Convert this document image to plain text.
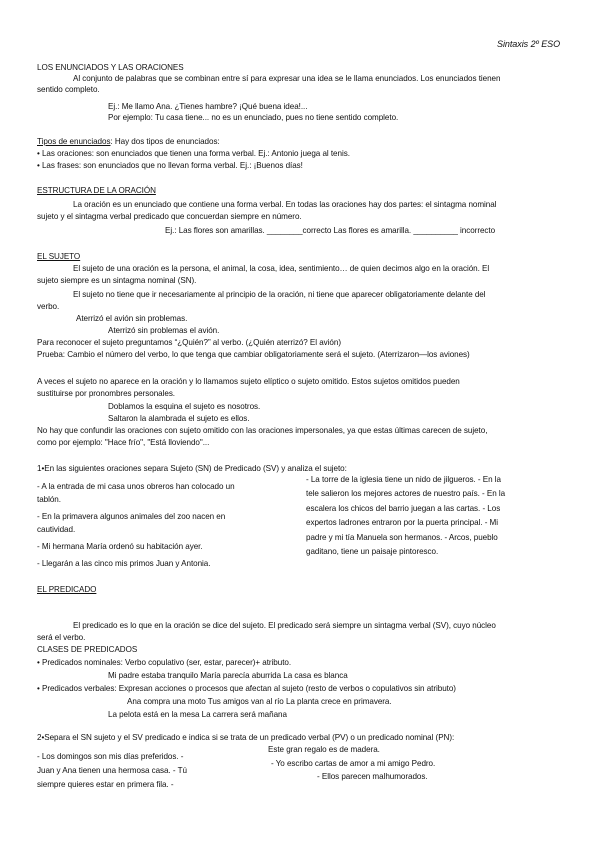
Sintaxis 2º ESO
LOS ENUNCIADOS Y LAS ORACIONES
Al conjunto de palabras que se combinan entre sí para expresar una idea se le llama enunciados. Los enunciados tienen
sentido completo.
Ej.: Me llamo Ana. ¿Tienes hambre? ¡Qué buena idea!...
Por ejemplo: Tu casa tiene... no es un enunciado, pues no tiene sentido completo.
Tipos de enunciados: Hay dos tipos de enunciados:
• Las oraciones: son enunciados que tienen una forma verbal. Ej.: Antonio juega al tenis.
• Las frases: son enunciados que no llevan forma verbal. Ej.: ¡Buenos días!
ESTRUCTURA DE LA ORACIÓN
La oración es un enunciado que contiene una forma verbal. En todas las oraciones hay dos partes: el sintagma nominal
sujeto y el sintagma verbal predicado que concuerdan siempre en número.
Ej.: Las flores son amarillas. ________correcto Las flores es amarilla. __________ incorrecto
EL SUJETO
El sujeto de una oración es la persona, el animal, la cosa, idea, sentimiento… de quien decimos algo en la oración. El
sujeto siempre es un sintagma nominal (SN).
El sujeto no tiene que ir necesariamente al principio de la oración, ni tiene que aparecer obligatoriamente delante del
verbo.
Aterrizó el avión sin problemas.
Aterrizó sin problemas el avión.
Para reconocer el sujeto preguntamos “¿Quién?” al verbo. (¿Quién aterrizó? El avión)
Prueba: Cambio el número del verbo, lo que tenga que cambiar obligatoriamente será el sujeto. (Aterrizaron—los aviones)
A veces el sujeto no aparece en la oración y lo llamamos sujeto elíptico o sujeto omitido. Estos sujetos omitidos pueden
sustituirse por pronombres personales.
Doblamos la esquina el sujeto es nosotros.
Saltaron la alambrada el sujeto es ellos.
No hay que confundir las oraciones con sujeto omitido con las oraciones impersonales, ya que estas últimas carecen de sujeto,
como por ejemplo: "Hace frío", "Está lloviendo"...
1•En las siguientes oraciones separa Sujeto (SN) de Predicado (SV) y analiza el sujeto:
- A la entrada de mi casa unos obreros han colocado un
tablón.
- En la primavera algunos animales del zoo nacen en
cautividad.
- Mi hermana María ordenó su habitación ayer.
- Llegarán a las cinco mis primos Juan y Antonia.
- La torre de la iglesia tiene un nido de jilgueros. - En la
tele salieron los mejores actores de nuestro país. - En la
escalera los chicos del barrio juegan a las cartas. - Los
expertos ladrones entraron por la puerta principal. - Mi
padre y mi tía Manuela son hermanos. - Arcos, pueblo
gaditano, tiene un paisaje pintoresco.
EL PREDICADO
El predicado es lo que en la oración se dice del sujeto. El predicado será siempre un sintagma verbal (SV), cuyo núcleo
será el verbo.
CLASES DE PREDICADOS
• Predicados nominales: Verbo copulativo (ser, estar, parecer)+ atributo.
Mi padre estaba tranquilo María parecía aburrida La casa es blanca
• Predicados verbales: Expresan acciones o procesos que afectan al sujeto (resto de verbos o copulativos sin atributo)
Ana compra una moto Tus amigos van al río La planta crece en primavera.
La pelota está en la mesa La carrera será mañana
2•Separa el SN sujeto y el SV predicado e indica si se trata de un predicado verbal (PV) o un predicado nominal (PN):
- Los domingos son mis días preferidos. -
Juan y Ana tienen una hermosa casa. - Tú
siempre quieres estar en primera fila. -
Este gran regalo es de madera.
- Yo escribo cartas de amor a mi amigo Pedro.
- Ellos parecen malhumorados.
